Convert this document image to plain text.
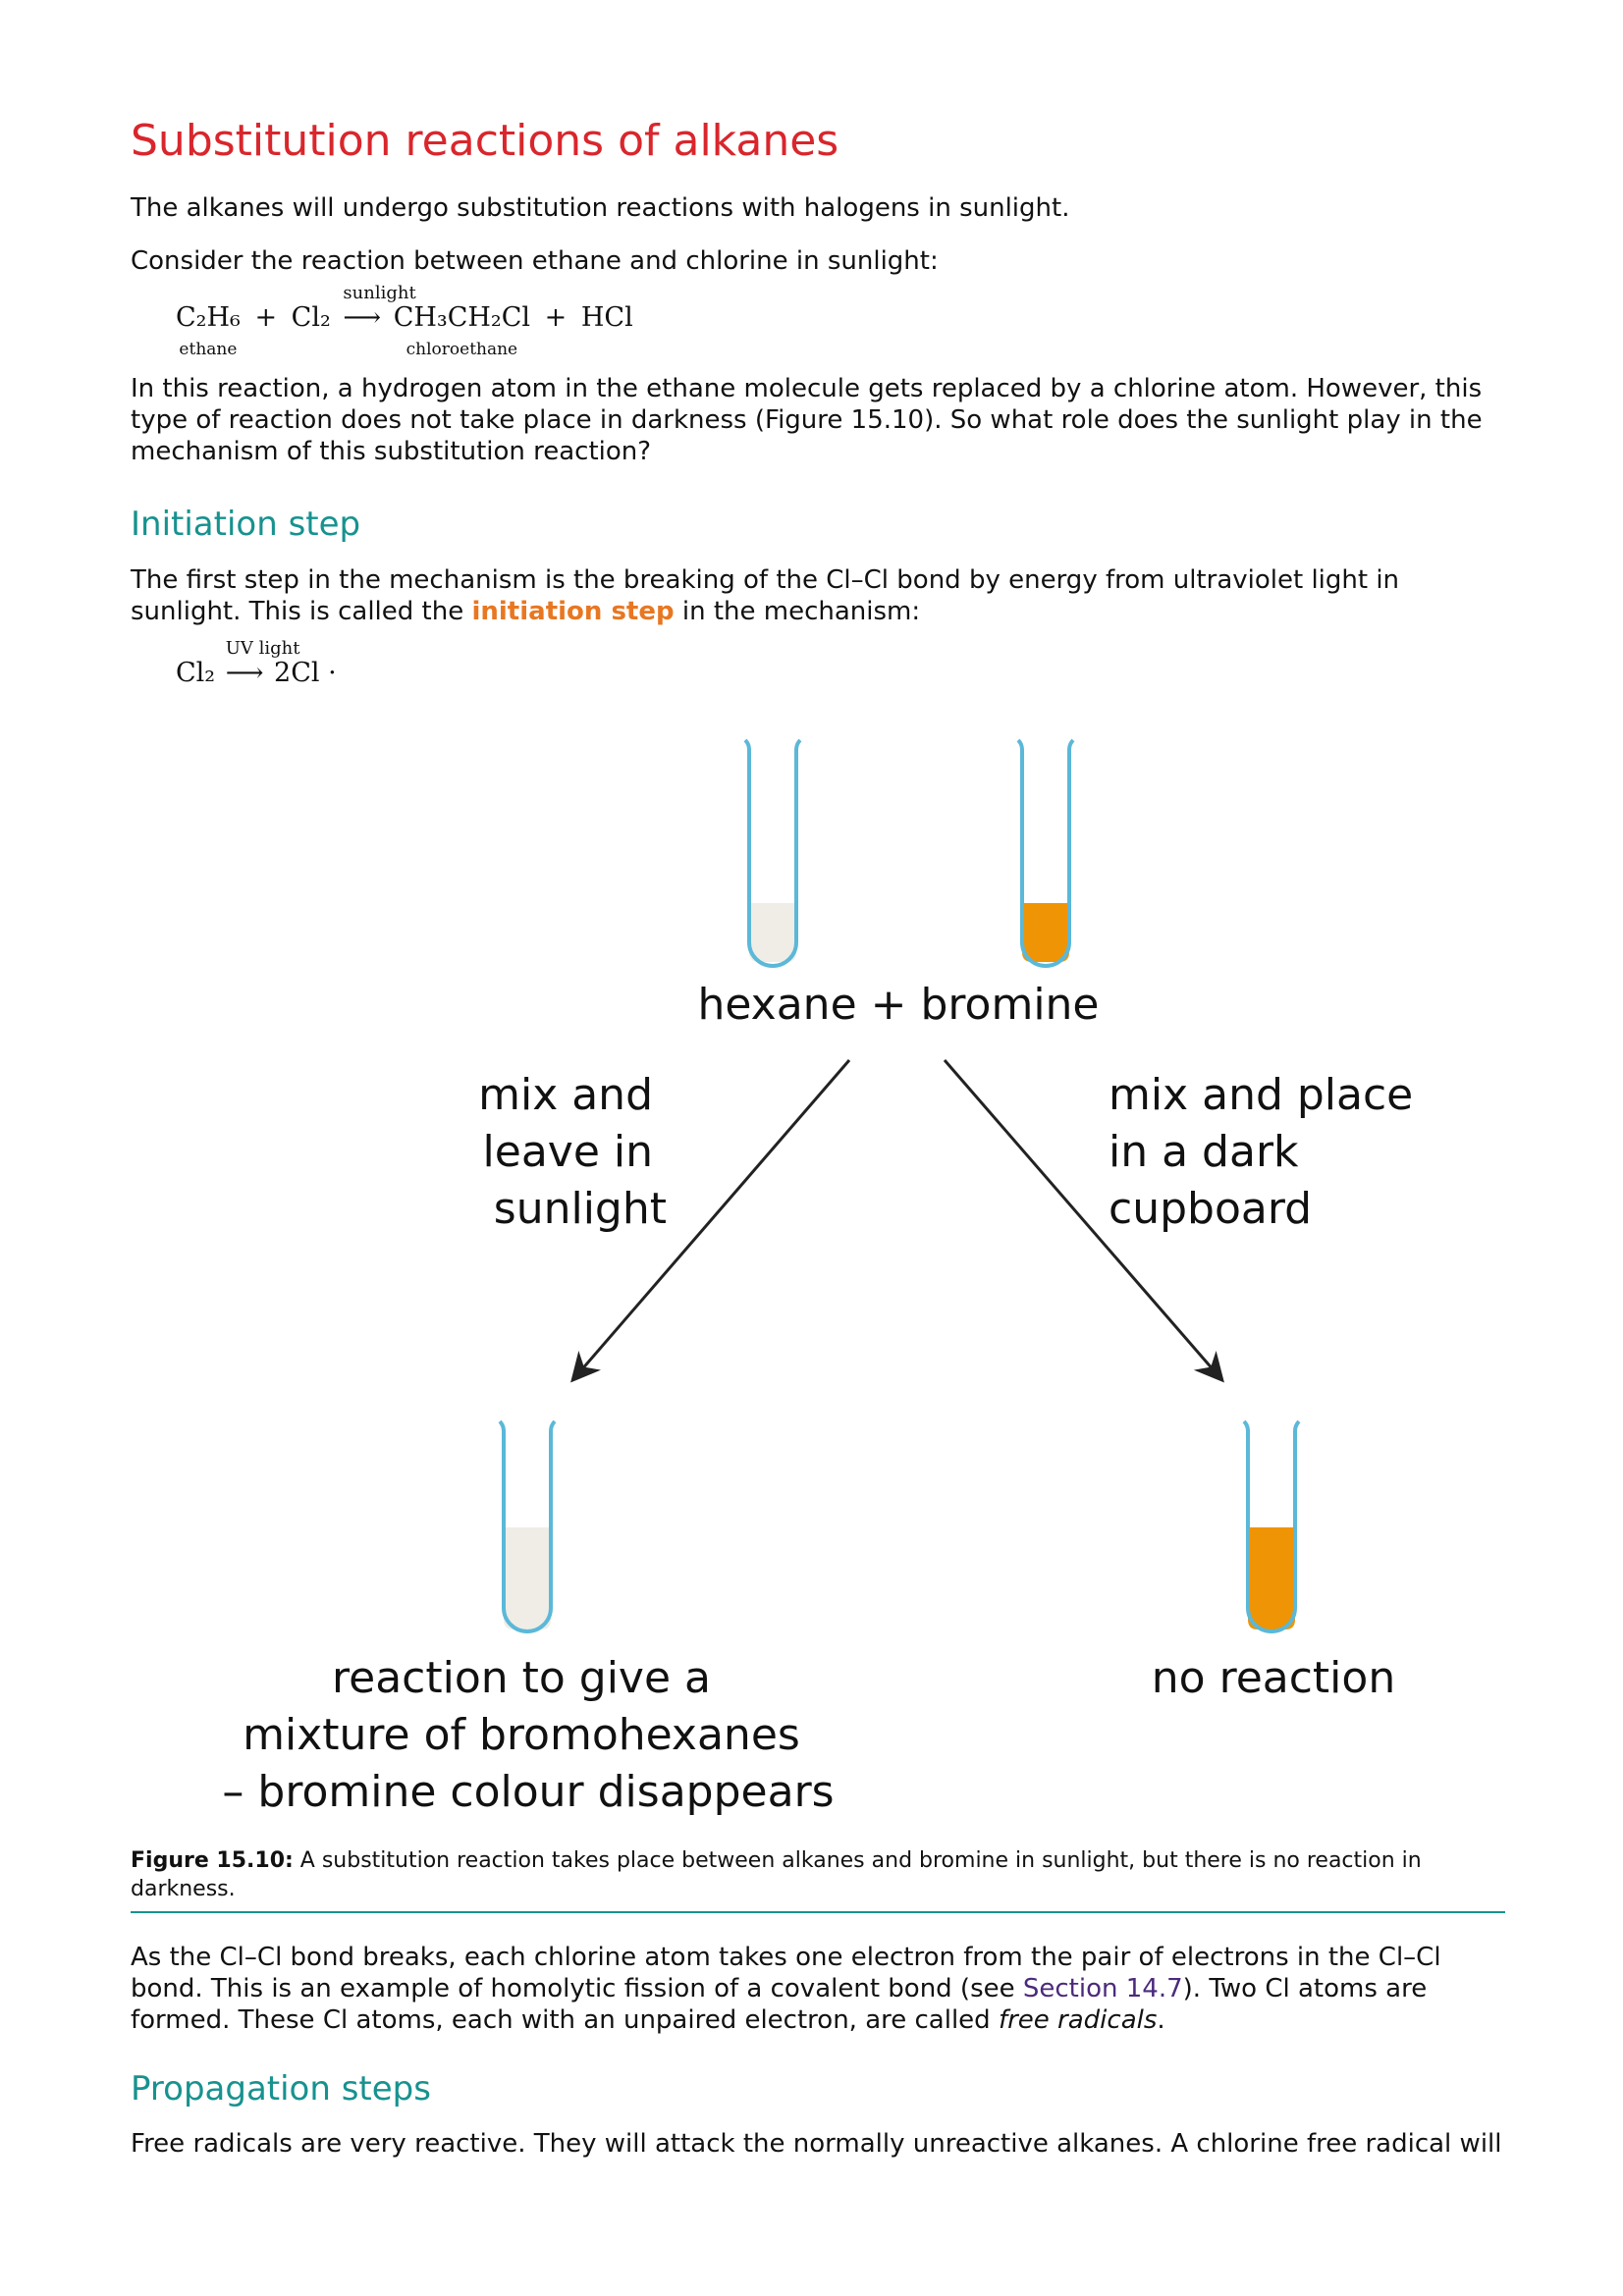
Substitution reactions of alkanes

The alkanes will undergo substitution reactions with halogens in sunlight.

Consider the reaction between ethane and chlorine in sunlight:

C₂H₆
ethane
+ Cl₂
sunlight
⟶ CH₃CH₂Cl
chloroethane
+ HCl

In this reaction, a hydrogen atom in the ethane molecule gets replaced by a chlorine atom. However, this type of reaction does not take place in darkness (Figure 15.10). So what role does the sunlight play in the mechanism of this substitution reaction?

Initiation step

The first step in the mechanism is the breaking of the Cl–Cl bond by energy from ultraviolet light in sunlight. This is called the initiation step in the mechanism:

Cl₂
UV light
⟶ 2Cl ·
hexane + bromine
mix and leave in sunlight
mix and place in a dark cupboard
reaction to give a mixture of bromohexanes – bromine colour disappears
no reaction
Figure 15.10: A substitution reaction takes place between alkanes and bromine in sunlight, but there is no reaction in darkness.

As the Cl–Cl bond breaks, each chlorine atom takes one electron from the pair of electrons in the Cl–Cl bond. This is an example of homolytic fission of a covalent bond (see Section 14.7). Two Cl atoms are formed. These Cl atoms, each with an unpaired electron, are called free radicals.

Propagation steps

Free radicals are very reactive. They will attack the normally unreactive alkanes. A chlorine free radical will
